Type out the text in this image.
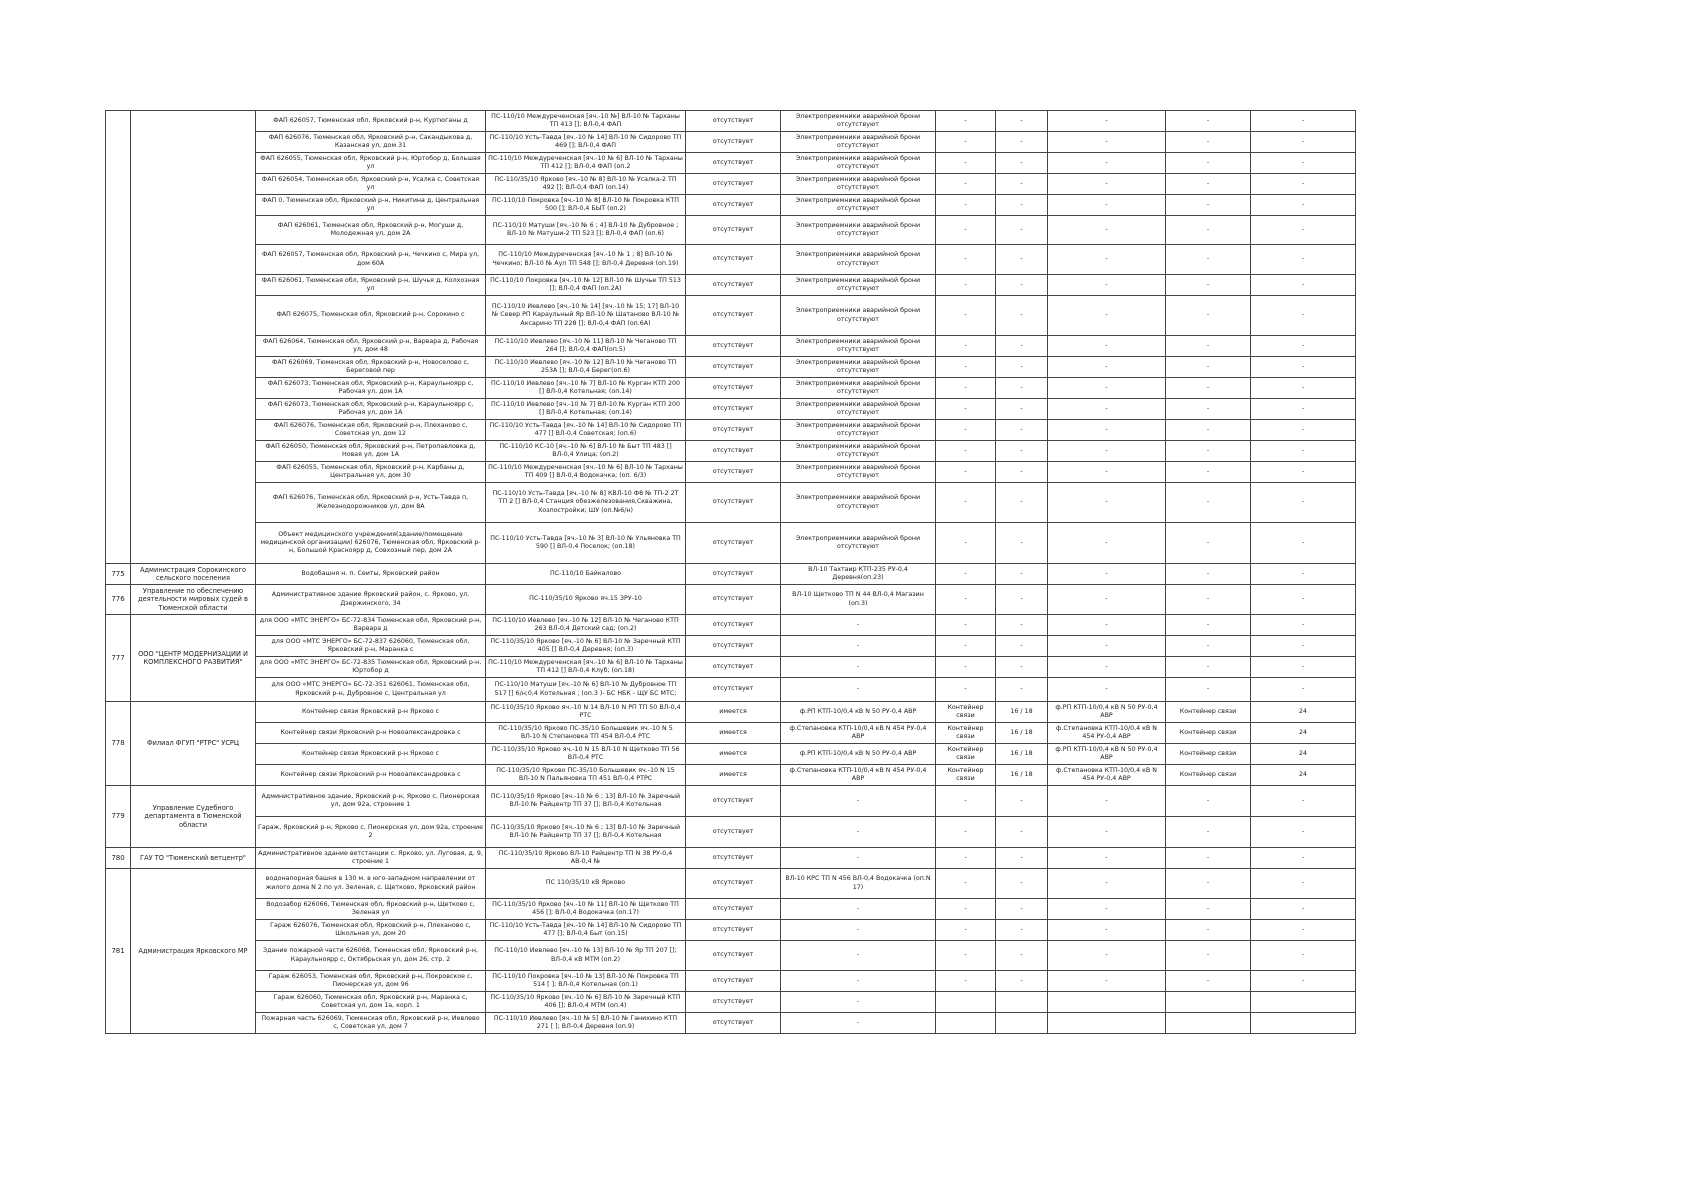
		ФАП 626057, Тюменская обл, Ярковский р-н, Куртюганы д	ПС-110/10 Междуреченская [яч.-10 №] ВЛ-10 № Тарханы ТП 413 []; ВЛ-0,4 ФАП	отсутствует	Электроприемники аварийной брони отсутствуют	-	-	-	-	-
		ФАП 626076, Тюменская обл, Ярковский р-н, Сакандыкова д, Казанская ул, дом 31	ПС-110/10 Усть-Тавда [яч.-10 № 14] ВЛ-10 № Сидорово ТП 469 []; ВЛ-0,4 ФАП	отсутствует	Электроприемники аварийной брони отсутствуют	-	-	-	-	-
		ФАП 626055, Тюменская обл, Ярковский р-н, Юртобор д, Большая ул	ПС-110/10 Междуреченская [яч.-10 № 6] ВЛ-10 № Тарханы ТП 412 []; ВЛ-0,4 ФАП (оп.2	отсутствует	Электроприемники аварийной брони отсутствуют	-	-	-	-	-
		ФАП 626054, Тюменская обл, Ярковский р-н, Усалка с, Советская ул	ПС-110/35/10 Ярково [яч.-10 № 8] ВЛ-10 № Усалка-2 ТП 492 []; ВЛ-0,4 ФАП (оп.14)	отсутствует	Электроприемники аварийной брони отсутствуют	-	-	-	-	-
		ФАП 0, Тюменская обл, Ярковский р-н, Никитина д, Центральная ул	ПС-110/10 Покровка [яч.-10 № 8] ВЛ-10 № Покровка КТП 500 []; ВЛ-0,4 БЫТ (оп.2)	отсутствует	Электроприемники аварийной брони отсутствуют	-	-	-	-	-
		ФАП 626061, Тюменская обл, Ярковский р-н, Могуши д, Молодежная ул, дом 2А	ПС-110/10 Матуши [яч.-10 № 6 ; 4] ВЛ-10 № Дубровное ; ВЛ-10 № Матуши-2 ТП 523 []; ВЛ-0,4 ФАП (оп.6)	отсутствует	Электроприемники аварийной брони отсутствуют	-	-	-	-	-
		ФАП 626057, Тюменская обл, Ярковский р-н, Чечкино с, Мира ул, дом 60А	ПС-110/10 Междуреченская [яч.-10 № 1 ; 8] ВЛ-10 № Чечкино; ВЛ-10 № Аул ТП 548 []; ВЛ-0,4 Деревня (оп.19)	отсутствует	Электроприемники аварийной брони отсутствуют	-	-	-	-	-
		ФАП 626061, Тюменская обл, Ярковский р-н, Шучья д, Колхозная ул	ПС-110/10 Покровка [яч.-10 № 12] ВЛ-10 № Шучье ТП 513 []; ВЛ-0,4 ФАП (оп.2А)	отсутствует	Электроприемники аварийной брони отсутствуют	-	-	-	-	-
		ФАП 626075, Тюменская обл, Ярковский р-н, Сорокино с	ПС-110/10 Иевлево [яч.-10 № 14] [яч.-10 № 15; 17] ВЛ-10 № Север РП Караульный Яр ВЛ-10 № Шатаново ВЛ-10 № Аксарино ТП 228 []; ВЛ-0,4 ФАП (оп.6А)	отсутствует	Электроприемники аварийной брони отсутствуют	-	-	-	-	-
		ФАП 626064, Тюменская обл, Ярковский р-н, Варвара д, Рабочая ул, дом 48	ПС-110/10 Иевлево [яч.-10 № 11] ВЛ-10 № Чеганово ТП 264 []; ВЛ-0,4 ФАП(оп.5)	отсутствует	Электроприемники аварийной брони отсутствуют	-	-	-	-	-
		ФАП 626069, Тюменская обл, Ярковский р-н, Новоселово с, Береговой пер	ПС-110/10 Иевлево [яч.-10 № 12] ВЛ-10 № Чеганово ТП 253А []; ВЛ-0,4 Берег(оп.6)	отсутствует	Электроприемники аварийной брони отсутствуют	-	-	-	-	-
		ФАП 626073, Тюменская обл, Ярковский р-н, Караульноярр с, Рабочая ул, дом 1А	ПС-110/10 Иевлево [яч.-10 № 7] ВЛ-10 № Курган КТП 200 [] ВЛ-0,4 Котельная; (оп.14)	отсутствует	Электроприемники аварийной брони отсутствуют	-	-	-	-	-
		ФАП 626073, Тюменская обл, Ярковский р-н, Караульноярр с, Рабочая ул, дом 1А	ПС-110/10 Иевлево [яч.-10 № 7] ВЛ-10 № Курган КТП 200 [] ВЛ-0,4 Котельная; (оп.14)	отсутствует	Электроприемники аварийной брони отсутствуют	-	-	-	-	-
		ФАП 626076, Тюменская обл, Ярковский р-н, Плеханово с, Советская ул, дом 12	ПС-110/10 Усть-Тавда [яч.-10 № 14] ВЛ-10 № Сидорово ТП 477 [] ВЛ-0,4 Советская; (оп.6)	отсутствует	Электроприемники аварийной брони отсутствуют	-	-	-	-	-
		ФАП 626050, Тюменская обл, Ярковский р-н, Петропавловка д, Новая ул, дом 1А	ПС-110/10 КС-10 [яч.-10 № 6] ВЛ-10 № Быт ТП 483 [] ВЛ-0,4 Улица; (оп.2)	отсутствует	Электроприемники аварийной брони отсутствуют	-	-	-	-	-
		ФАП 626055, Тюменская обл, Ярковский р-н, Карбаны д, Центральная ул, дом 30	ПС-110/10 Междуреченская [яч.-10 № 6] ВЛ-10 № Тарханы ТП 409 [] ВЛ-0,4 Водокачка; (оп. 6/3)	отсутствует	Электроприемники аварийной брони отсутствуют	-	-	-	-	-
		ФАП 626076, Тюменская обл, Ярковский р-н, Усть-Тавда п, Железнодорожников ул, дом 8А	ПС-110/10 Усть-Тавда [яч.-10 № 8] КВЛ-10 Ф8 № ТП-2 2Т ТП 2 [] ВЛ-0,4 Станция обезжелезования,Скважина, Хозпостройки; ШУ (оп.№6/н)	отсутствует	Электроприемники аварийной брони отсутствуют	-	-	-	-	-
		Объект медицинского учреждения(здание/помещение медицинской организации) 626076, Тюменская обл, Ярковский р-н, Большой Красноярр д, Совхозный пер, дом 2А	ПС-110/10 Усть-Тавда [яч.-10 № 3] ВЛ-10 № Ульяновка ТП 590 [] ВЛ-0,4 Поселок; (оп.18)	отсутствует	Электроприемники аварийной брони отсутствуют	-	-	-	-	-
775	Администрация Сорокинского сельского поселения	Водобашня н. п. Сеиты, Ярковский район	ПС-110/10 Байкалово	отсутствует	ВЛ-10 Тахтаир КТП-235 РУ-0,4 Деревня(оп.23)	-	-	-	-	-
776	Управление по обеспечению деятельности мировых судей в Тюменской области	Административное здание Ярковский район, с. Ярково, ул. Дзержинского, 34	ПС-110/35/10 Ярково яч.15 ЗРУ-10	отсутствует	ВЛ-10 Щетково ТП N 44 ВЛ-0,4 Магазин (оп.3)	-	-	-	-	-
777	ООО "ЦЕНТР МОДЕРНИЗАЦИИ И КОМПЛЕКСНОГО РАЗВИТИЯ"	для ООО «МТС ЭНЕРГО» БС-72-834 Тюменская обл, Ярковский р-н, Варвара д	ПС-110/10 Иевлево [яч.-10 № 12] ВЛ-10 № Чеганово КТП 263 ВЛ-0,4 Детский сад; (оп.2)	отсутствует	-	-	-	-	-	-
		для ООО «МТС ЭНЕРГО» БС-72-837 626060, Тюменская обл, Ярковский р-н, Маранка с	ПС-110/35/10 Ярково [яч.-10 № 6] ВЛ-10 № Заречный КТП 405 [] ВЛ-0,4 Деревня; (оп.3)	отсутствует	-	-	-	-	-	-
		для ООО «МТС ЭНЕРГО» БС-72-835 Тюменская обл, Ярковский р-н, Юртобор д	ПС-110/10 Междуреченская [яч.-10 № 6] ВЛ-10 № Тарханы ТП 412 [] ВЛ-0,4 Клуб; (оп.18)	отсутствует	-	-	-	-	-	-
		для ООО «МТС ЭНЕРГО» БС-72-351 626061, Тюменская обл, Ярковский р-н, Дубровное с, Центральная ул	ПС-110/10 Матуши [яч.-10 № 6] ВЛ-10 № Дубровное ТП 517 [] 6/н;0,4 Котельная ; (оп.3 )- БС НБК - ЩУ БС МТС;	отсутствует	-	-	-	-	-	-
778	Филиал ФГУП "РТРС" УСРЦ	Контейнер связи Ярковский р-н Ярково с	ПС-110/35/10 Ярково яч.-10 N 14 ВЛ-10 N РП ТП 50 ВЛ-0,4 РТС	имеется	ф.РП КТП-10/0,4 кВ N 50 РУ-0,4 АВР	Контейнер связи	16 / 18	ф.РП КТП-10/0,4 кВ N 50 РУ-0,4 АВР	Контейнер связи	24
		Контейнер связи Ярковский р-н Новоалександровка с	ПС-110/35/10 Ярково ПС-35/10 Большевик яч.-10 N 5 ВЛ-10 N Степановка ТП 454 ВЛ-0,4 РТС	имеется	ф.Степановка КТП-10/0,4 кВ N 454 РУ-0,4 АВР	Контейнер связи	16 / 18	ф.Степановка КТП-10/0,4 кВ N 454 РУ-0,4 АВР	Контейнер связи	24
		Контейнер связи Ярковский р-н Ярково с	ПС-110/35/10 Ярково яч.-10 N 15 ВЛ-10 N Щетково ТП 56 ВЛ-0,4 РТС	имеется	ф.РП КТП-10/0,4 кВ N 50 РУ-0,4 АВР	Контейнер связи	16 / 18	ф.РП КТП-10/0,4 кВ N 50 РУ-0,4 АВР	Контейнер связи	24
		Контейнер связи Ярковский р-н Новоалександровка с	ПС-110/35/10 Ярково ПС-35/10 Большевик яч.-10 N 15 ВЛ-10 N Пальяновка ТП 451 ВЛ-0,4 РТРС	имеется	ф.Степановка КТП-10/0,4 кВ N 454 РУ-0,4 АВР	Контейнер связи	16 / 18	ф.Степановка КТП-10/0,4 кВ N 454 РУ-0,4 АВР	Контейнер связи	24
779	Управление Судебного департамента в Тюменской области	Административное здание, Ярковский р-н, Ярково с, Пионерская ул, дом 92а, строение 1	ПС-110/35/10 Ярково [яч.-10 № 6 ; 13] ВЛ-10 № Заречный ВЛ-10 № Райцентр ТП 37 []; ВЛ-0,4 Котельная	отсутствует	-	-	-	-	-	-
		Гараж, Ярковский р-н, Ярково с, Пионерская ул, дом 92а, строение 2	ПС-110/35/10 Ярково [яч.-10 № 6 ; 13] ВЛ-10 № Заречный ВЛ-10 № Райцентр ТП 37 []; ВЛ-0,4 Котельная	отсутствует	-	-	-	-	-	-
780	ГАУ ТО "Тюменский ветцентр"	Административное здание ветстанции с. Ярково, ул. Луговая, д. 9, строение 1	ПС-110/35/10 Ярково ВЛ-10 Райцентр ТП N 38 РУ-0,4 АВ-0,4 №	отсутствует	-	-	-	-	-	-
781	Администрация Ярковского МР	водонапорная башня в 130 м. в юго-западном направлении от жилого дома N 2 по ул. Зеленая, с. Щетково, Ярковский район	ПС 110/35/10 кВ Ярково	отсутствует	ВЛ-10 КРС ТП N 456 ВЛ-0,4 Водокачка (оп.N 17)	-	-	-	-	-
		Водозабор 626066, Тюменская обл, Ярковский р-н, Щетково с, Зеленая ул	ПС-110/35/10 Ярково [яч.-10 № 11] ВЛ-10 № Щетково ТП 456 []; ВЛ-0,4 Водокачка (оп.17)	отсутствует	-	-	-	-	-	-
		Гараж 626076, Тюменская обл, Ярковский р-н, Плеханово с, Школьная ул, дом 20	ПС-110/10 Усть-Тавда [яч.-10 № 14] ВЛ-10 № Сидорово ТП 477 []; ВЛ-0,4 Быт (оп.15)	отсутствует	-	-	-	-	-	-
		Здание пожарной части 626068, Тюменская обл, Ярковский р-н, Караульноярр с, Октябрьская ул, дом 26, стр. 2	ПС-110/10 Иевлево [яч.-10 № 13] ВЛ-10 № Яр ТП 207 []; ВЛ-0,4 кВ МТМ (оп.2)	отсутствует	-	-	-	-	-	-
		Гараж 626053, Тюменская обл, Ярковский р-н, Покровское с, Пионерская ул, дом 96	ПС-110/10 Покровка [яч.-10 № 13] ВЛ-10 № Покровка ТП 514 [ ]; ВЛ-0,4 Котельная (оп.1)	отсутствует	-	-	-	-	-	-
		Гараж 626060, Тюменская обл, Ярковский р-н, Маранка с, Советская ул, дом 1а, корп. 1	ПС-110/35/10 Ярково [яч.-10 № 6] ВЛ-10 № Заречный КТП 406 []; ВЛ-0,4 МТМ (оп.4)	отсутствует	-					
		Пожарная часть 626069, Тюменская обл, Ярковский р-н, Иевлево с, Советская ул, дом 7	ПС-110/10 Иевлево [яч.-10 № 5] ВЛ-10 № Ганихино КТП 271 [ ]; ВЛ-0,4 Деревня (оп.9)	отсутствует	-					
